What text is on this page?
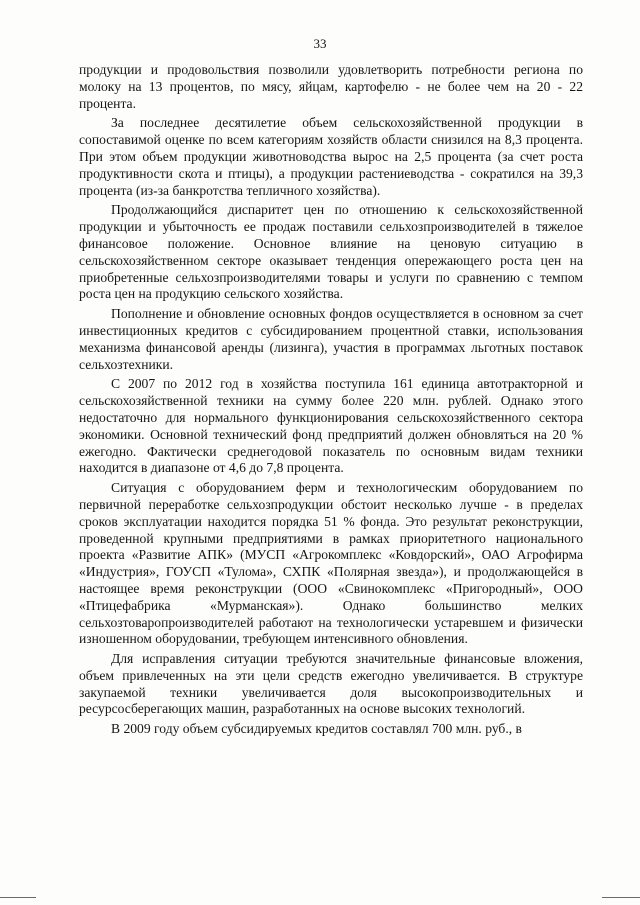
33

продукции и продовольствия позволили удовлетворить потребности региона по молоку на 13 процентов, по мясу, яйцам, картофелю - не более чем на 20 - 22 процента.

За последнее десятилетие объем сельскохозяйственной продукции в сопоставимой оценке по всем категориям хозяйств области снизился на 8,3 процента. При этом объем продукции животноводства вырос на 2,5 процента (за счет роста продуктивности скота и птицы), а продукции растениеводства - сократился на 39,3 процента (из-за банкротства тепличного хозяйства).

Продолжающийся диспаритет цен по отношению к сельскохозяйственной продукции и убыточность ее продаж поставили сельхозпроизводителей в тяжелое финансовое положение. Основное влияние на ценовую ситуацию в сельскохозяйственном секторе оказывает тенденция опережающего роста цен на приобретенные сельхозпроизводителями товары и услуги по сравнению с темпом роста цен на продукцию сельского хозяйства.

Пополнение и обновление основных фондов осуществляется в основном за счет инвестиционных кредитов с субсидированием процентной ставки, использования механизма финансовой аренды (лизинга), участия в программах льготных поставок сельхозтехники.

С 2007 по 2012 год в хозяйства поступила 161 единица автотракторной и сельскохозяйственной техники на сумму более 220 млн. рублей. Однако этого недостаточно для нормального функционирования сельскохозяйственного сектора экономики. Основной технический фонд предприятий должен обновляться на 20 % ежегодно. Фактически среднегодовой показатель по основным видам техники находится в диапазоне от 4,6 до 7,8 процента.

Ситуация с оборудованием ферм и технологическим оборудованием по первичной переработке сельхозпродукции обстоит несколько лучше - в пределах сроков эксплуатации находится порядка 51 % фонда. Это результат реконструкции, проведенной крупными предприятиями в рамках приоритетного национального проекта «Развитие АПК» (МУСП «Агрокомплекс «Ковдорский», ОАО Агрофирма «Индустрия», ГОУСП «Тулома», СХПК «Полярная звезда»), и продолжающейся в настоящее время реконструкции (ООО «Свинокомплекс «Пригородный», ООО «Птицефабрика «Мурманская»). Однако большинство мелких сельхозтоваропроизводителей работают на технологически устаревшем и физически изношенном оборудовании, требующем интенсивного обновления.

Для исправления ситуации требуются значительные финансовые вложения, объем привлеченных на эти цели средств ежегодно увеличивается. В структуре закупаемой техники увеличивается доля высокопроизводительных и ресурсосберегающих машин, разработанных на основе высоких технологий.

В 2009 году объем субсидируемых кредитов составлял 700 млн. руб., в
